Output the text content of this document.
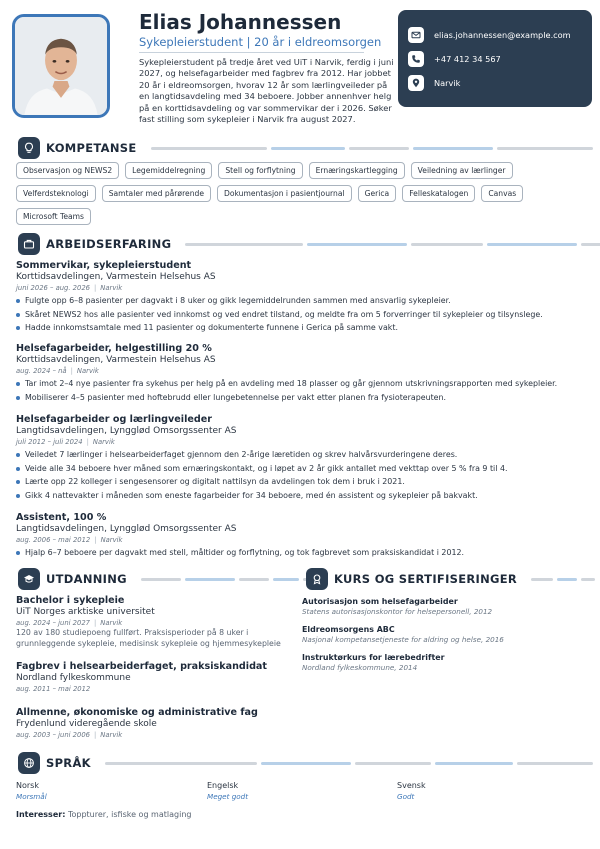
Elias Johannessen
Sykepleierstudent | 20 år i eldreomsorgen
Sykepleierstudent på tredje året ved UiT i Narvik, ferdig i juni 2027, og helsefagarbeider med fagbrev fra 2012. Har jobbet 20 år i eldreomsorgen, hvorav 12 år som lærlingveileder på en langtidsavdeling med 34 beboere. Jobber annenhver helg på en korttidsavdeling og var sommervikar der i 2026. Søker fast stilling som sykepleier i Narvik fra august 2027.
elias.johannessen@example.com
+47 412 34 567
Narvik
KOMPETANSE
Observasjon og NEWS2	Legemiddelregning	Stell og forflytning	Ernæringskartlegging	Veiledning av lærlinger
Velferdsteknologi	Samtaler med pårørende	Dokumentasjon i pasientjournal	Gerica	Felleskatalogen	Canvas
Microsoft Teams
ARBEIDSERFARING
Sommervikar, sykepleierstudent
Korttidsavdelingen, Varmestein Helsehus AS
juni 2026 – aug. 2026 | Narvik
Fulgte opp 6–8 pasienter per dagvakt i 8 uker og gikk legemiddelrunden sammen med ansvarlig sykepleier.
Skåret NEWS2 hos alle pasienter ved innkomst og ved endret tilstand, og meldte fra om 5 forverringer til sykepleier og tilsynslege.
Hadde innkomstsamtale med 11 pasienter og dokumenterte funnene i Gerica på samme vakt.
Helsefagarbeider, helgestilling 20 %
Korttidsavdelingen, Varmestein Helsehus AS
aug. 2024 – nå | Narvik
Tar imot 2–4 nye pasienter fra sykehus per helg på en avdeling med 18 plasser og går gjennom utskrivningsrapporten med sykepleier.
Mobiliserer 4–5 pasienter med hoftebrudd eller lungebetennelse per vakt etter planen fra fysioterapeuten.
Helsefagarbeider og lærlingveileder
Langtidsavdelingen, Lyngglød Omsorgssenter AS
juli 2012 – juli 2024 | Narvik
Veiledet 7 lærlinger i helsearbeiderfaget gjennom den 2-årige læretiden og skrev halvårsvurderingene deres.
Veide alle 34 beboere hver måned som ernæringskontakt, og i løpet av 2 år gikk antallet med vekttap over 5 % fra 9 til 4.
Lærte opp 22 kolleger i sengesensorer og digitalt nattilsyn da avdelingen tok dem i bruk i 2021.
Gikk 4 nattevakter i måneden som eneste fagarbeider for 34 beboere, med én assistent og sykepleier på bakvakt.
Assistent, 100 %
Langtidsavdelingen, Lyngglød Omsorgssenter AS
aug. 2006 – mai 2012 | Narvik
Hjalp 6–7 beboere per dagvakt med stell, måltider og forflytning, og tok fagbrevet som praksiskandidat i 2012.
UTDANNING
Bachelor i sykepleie
UiT Norges arktiske universitet
aug. 2024 – juni 2027 | Narvik
120 av 180 studiepoeng fullført. Praksisperioder på 8 uker i grunnleggende sykepleie, medisinsk sykepleie og hjemmesykepleie
Fagbrev i helsearbeiderfaget, praksiskandidat
Nordland fylkeskommune
aug. 2011 – mai 2012
Allmenne, økonomiske og administrative fag
Frydenlund videregående skole
aug. 2003 – juni 2006 | Narvik
KURS OG SERTIFISERINGER
Autorisasjon som helsefagarbeider
Statens autorisasjonskontor for helsepersonell, 2012
Eldreomsorgens ABC
Nasjonal kompetansetjeneste for aldring og helse, 2016
Instruktørkurs for lærebedrifter
Nordland fylkeskommune, 2014
SPRÅK
Norsk
Morsmål
Engelsk
Meget godt
Svensk
Godt
Interesser: Toppturer, isfiske og matlaging
